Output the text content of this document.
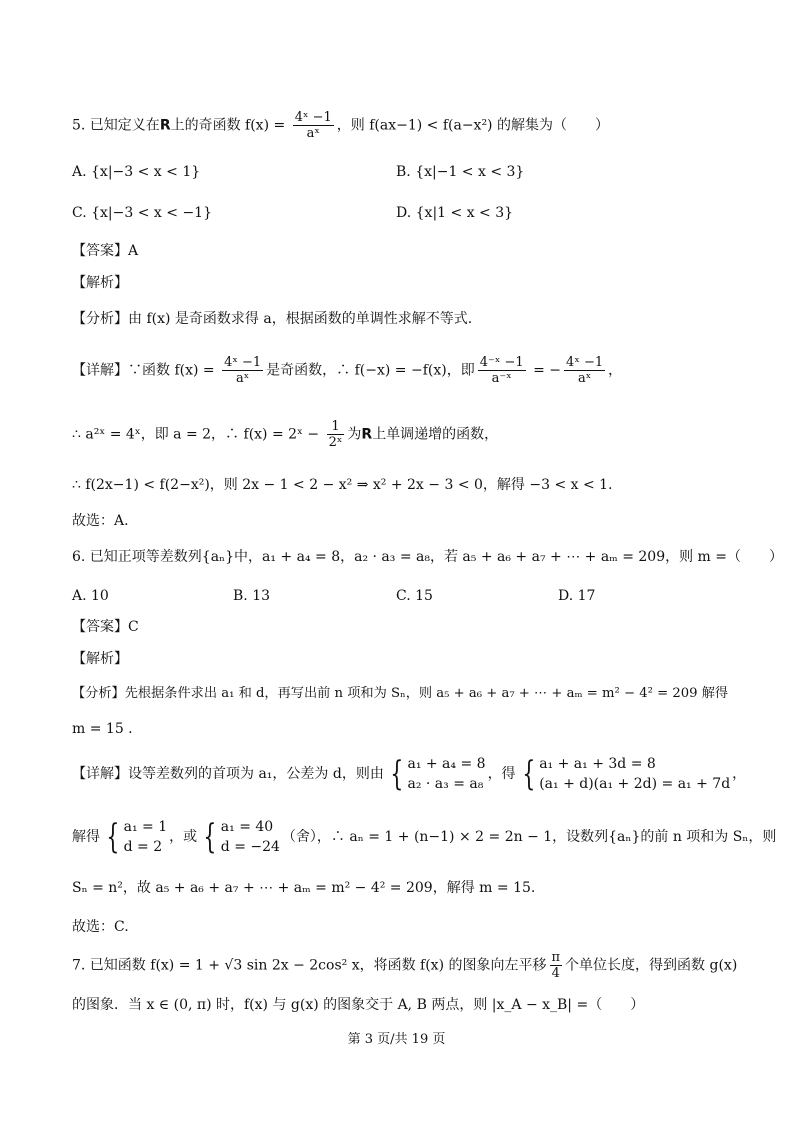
5. 已知定义在R上的奇函数 $f(x) = \frac{\text{4ˣ −1}}{\text{aˣ}}$ ，则 f(ax−1) < f(a−x²) 的解集为（　　）
A. {x|−3 < x < 1}	B. {x|−1 < x < 3}
C. {x|−3 < x < −1}	D. {x|1 < x < 3}
【答案】A
【解析】
【分析】由 f(x) 是奇函数求得 a，根据函数的单调性求解不等式.
【详解】∵函数 $f(x) = \frac{\text{4ˣ −1}}{\text{aˣ}}$ 是奇函数，∴ f(−x) = −f(x)，即 $\frac{\text{4⁻ˣ −1}}{\text{a⁻ˣ}}$ = − $\frac{\text{4ˣ −1}}{\text{aˣ}}$ ，
∴ a²ˣ = 4ˣ，即 a = 2，∴ f(x) = 2ˣ − $\frac{1}{\text{2ˣ}}$ 为R上单调递增的函数，
∴ f(2x−1) < f(2−x²)，则 2x − 1 < 2 − x² ⇒ x² + 2x − 3 < 0，解得 −3 < x < 1.
故选：A.
6. 已知正项等差数列{aₙ}中，a₁ + a₄ = 8，a₂ · a₃ = a₈，若 a₅ + a₆ + a₇ + ⋯ + aₘ = 209，则 m =（　　）
A. 10	B. 13	C. 15	D. 17
【答案】C
【解析】
【分析】先根据条件求出 a₁ 和 d，再写出前 n 项和为 Sₙ，则 a₅ + a₆ + a₇ + ⋯ + aₘ = m² − 4² = 209 解得
m = 15 .
【详解】设等差数列的首项为 a₁，公差为 d，则由 { a₁ + a₄ = 8
a₂ · a₃ = a₈
，得 { a₁ + a₁ + 3d = 8
(a₁ + d)(a₁ + 2d) = a₁ + 7d
，
解得 { a₁ = 1
d = 2
，或 { a₁ = 40
d = −24
（舍），∴ aₙ = 1 + (n−1) × 2 = 2n − 1，设数列{aₙ}的前 n 项和为 Sₙ，则
Sₙ = n²，故 a₅ + a₆ + a₇ + ⋯ + aₘ = m² − 4² = 209，解得 m = 15.
故选：C.
7. 已知函数 f(x) = 1 + √3 sin 2x − 2cos² x，将函数 f(x) 的图象向左平移 $\frac{\pi}{4}$ 个单位长度，得到函数 g(x)
的图象．当 x ∈ (0, π) 时，f(x) 与 g(x) 的图象交于 A, B 两点，则 |x_A − x_B| =（　　）
第 3 页/共 19 页
